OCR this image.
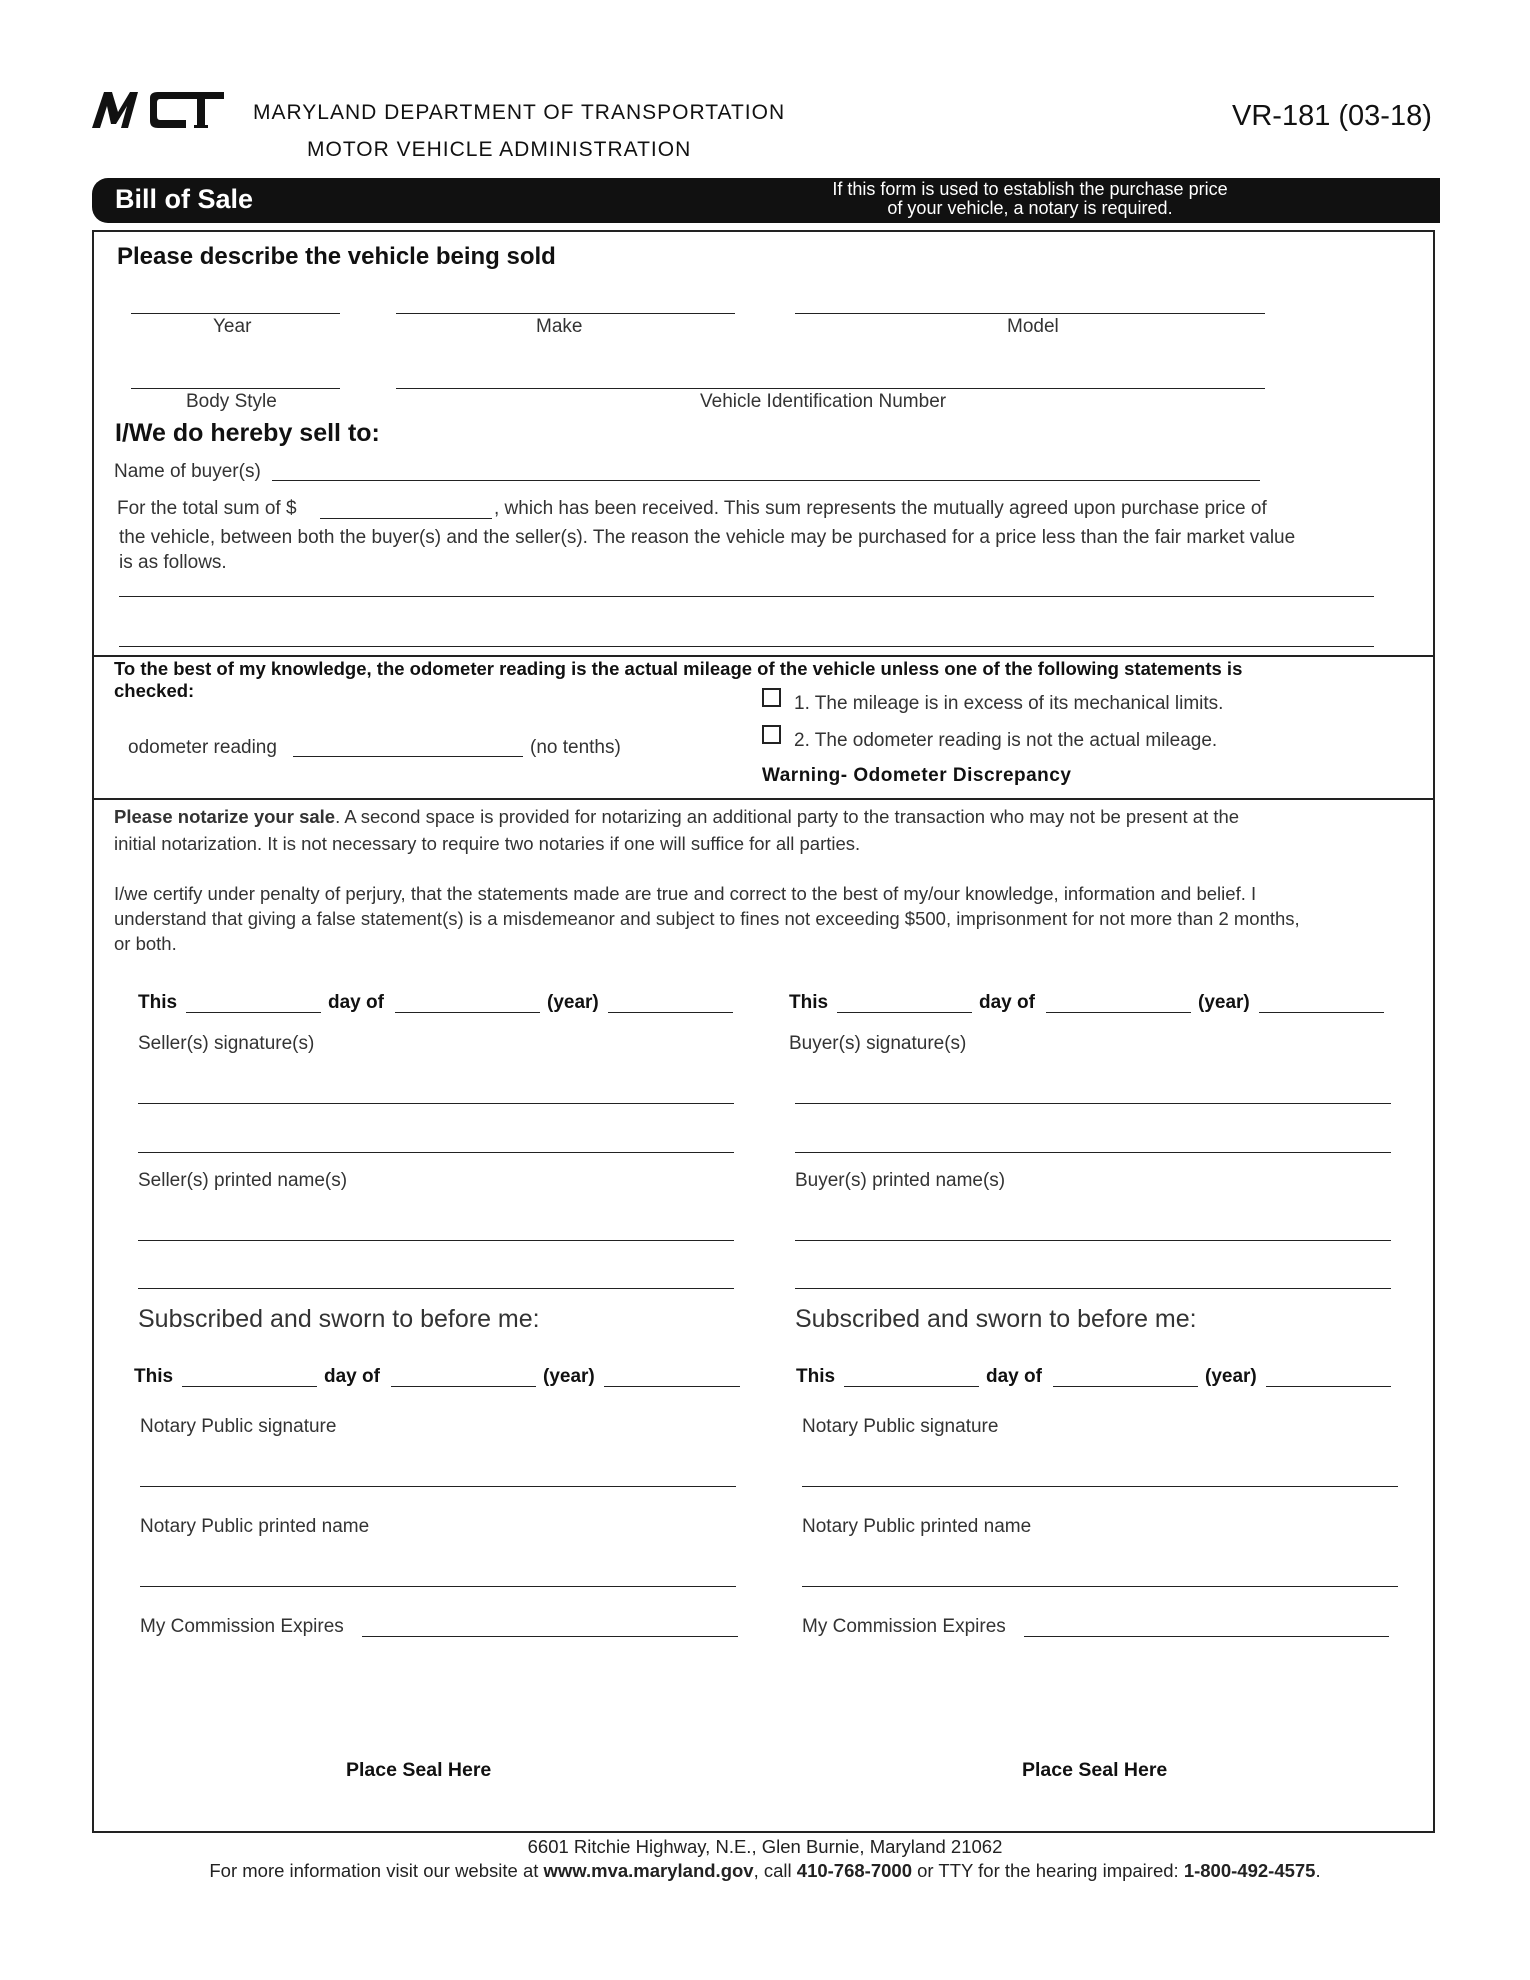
MARYLAND DEPARTMENT OF TRANSPORTATION
MOTOR VEHICLE ADMINISTRATION
VR-181 (03-18)
Bill of Sale	If this form is used to establish the purchase price
of your vehicle, a notary is required.
Please describe the vehicle being sold
Year	Make	Model
Body Style	Vehicle Identification Number
I/We do hereby sell to:
Name of buyer(s)
For the total sum of $	, which has been received. This sum represents the mutually agreed upon purchase price of
the vehicle, between both the buyer(s) and the seller(s). The reason the vehicle may be purchased for a price less than the fair market value
is as follows.
To the best of my knowledge, the odometer reading is the actual mileage of the vehicle unless one of the following statements is
checked:
odometer reading	(no tenths)
1. The mileage is in excess of its mechanical limits.
2. The odometer reading is not the actual mileage.
Warning- Odometer Discrepancy
Please notarize your sale. A second space is provided for notarizing an additional party to the transaction who may not be present at the
initial notarization. It is not necessary to require two notaries if one will suffice for all parties.
I/we certify under penalty of perjury, that the statements made are true and correct to the best of my/our knowledge, information and belief. I
understand that giving a false statement(s) is a misdemeanor and subject to fines not exceeding $500, imprisonment for not more than 2 months,
or both.
This	day of	(year)	This	day of	(year)
Seller(s) signature(s)
Seller(s) printed name(s)
Buyer(s) signature(s)
Buyer(s) printed name(s)
Subscribed and sworn to before me:
This	day of	(year)
Notary Public signature
Notary Public printed name
My Commission Expires
Place Seal Here
Subscribed and sworn to before me:
This	day of	(year)
Notary Public signature
Notary Public printed name
My Commission Expires
Place Seal Here
6601 Ritchie Highway, N.E., Glen Burnie, Maryland 21062
For more information visit our website at www.mva.maryland.gov, call 410-768-7000 or TTY for the hearing impaired: 1-800-492-4575.
